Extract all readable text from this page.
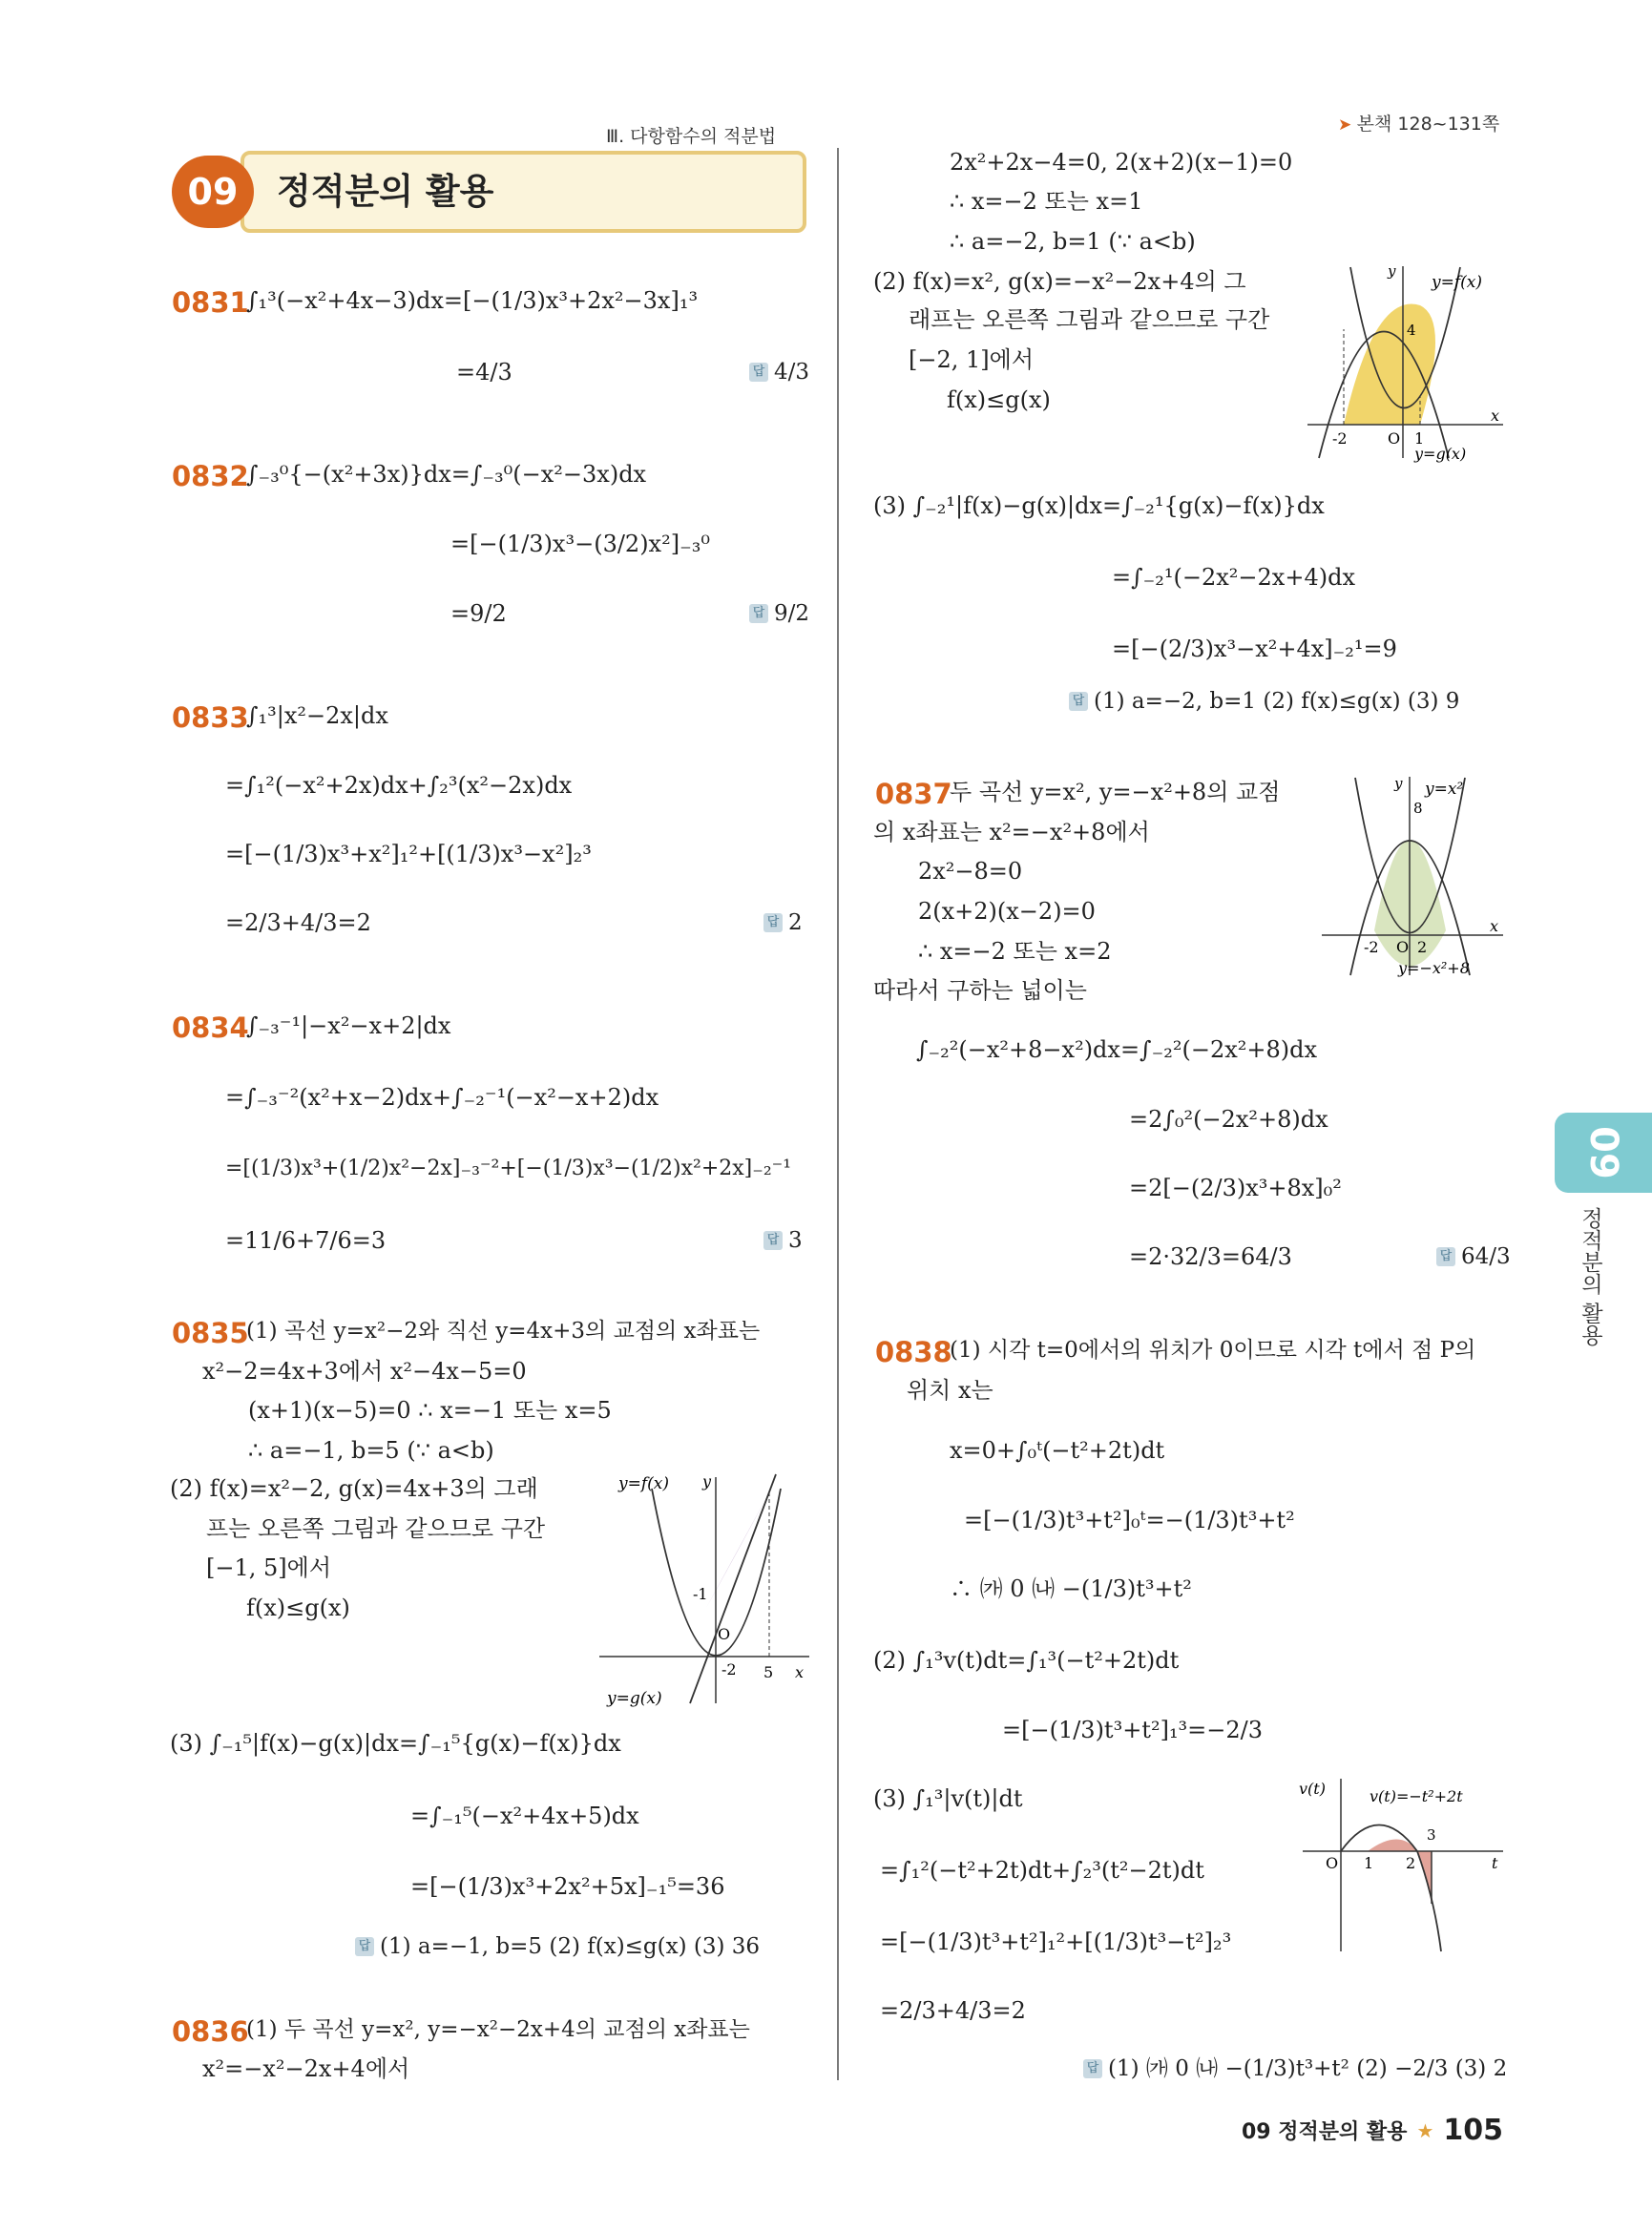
Ⅲ. 다항함수의 적분법
➤ 본책 128~131쪽
09	정적분의 활용
0831
∫₁³(−x²+4x−3)dx=[−(1/3)x³+2x²−3x]₁³
=4/3	답 4/3
0832
∫₋₃⁰{−(x²+3x)}dx=∫₋₃⁰(−x²−3x)dx
=[−(1/3)x³−(3/2)x²]₋₃⁰
=9/2	답 9/2
0833
∫₁³|x²−2x|dx
=∫₁²(−x²+2x)dx+∫₂³(x²−2x)dx
=[−(1/3)x³+x²]₁²+[(1/3)x³−x²]₂³
=2/3+4/3=2	답 2
0834
∫₋₃⁻¹|−x²−x+2|dx
=∫₋₃⁻²(x²+x−2)dx+∫₋₂⁻¹(−x²−x+2)dx
=[(1/3)x³+(1/2)x²−2x]₋₃⁻²+[−(1/3)x³−(1/2)x²+2x]₋₂⁻¹
=11/6+7/6=3	답 3
0835
(1) 곡선 y=x²−2와 직선 y=4x+3의 교점의 x좌표는
x²−2=4x+3에서 x²−4x−5=0
(x+1)(x−5)=0 ∴ x=−1 또는 x=5
∴ a=−1, b=5 (∵ a<b)
(2) f(x)=x²−2, g(x)=4x+3의 그래
프는 오른쪽 그림과 같으므로 구간
[−1, 5]에서
f(x)≤g(x)
(3) ∫₋₁⁵|f(x)−g(x)|dx=∫₋₁⁵{g(x)−f(x)}dx
=∫₋₁⁵(−x²+4x+5)dx
=[−(1/3)x³+2x²+5x]₋₁⁵=36
답 (1) a=−1, b=5 (2) f(x)≤g(x) (3) 36
y=f(x) y
-1
O
5 x
-2
y=g(x)
0836
(1) 두 곡선 y=x², y=−x²−2x+4의 교점의 x좌표는
x²=−x²−2x+4에서
2x²+2x−4=0, 2(x+2)(x−1)=0
∴ x=−2 또는 x=1
∴ a=−2, b=1 (∵ a<b)
(2) f(x)=x², g(x)=−x²−2x+4의 그
래프는 오른쪽 그림과 같으므로 구간
[−2, 1]에서
f(x)≤g(x)
(3) ∫₋₂¹|f(x)−g(x)|dx=∫₋₂¹{g(x)−f(x)}dx
=∫₋₂¹(−2x²−2x+4)dx
=[−(2/3)x³−x²+4x]₋₂¹=9
답 (1) a=−2, b=1 (2) f(x)≤g(x) (3) 9
y
y=f(x)
4
-2	O 1
x
y=g(x)
0837
두 곡선 y=x², y=−x²+8의 교점
의 x좌표는 x²=−x²+8에서
2x²−8=0
2(x+2)(x−2)=0
∴ x=−2 또는 x=2
따라서 구하는 넓이는
∫₋₂²(−x²+8−x²)dx=∫₋₂²(−2x²+8)dx
=2∫₀²(−2x²+8)dx
=2[−(2/3)x³+8x]₀²
=2·32/3=64/3	답 64/3
y y=x²
8
-2 O 2
x
y=−x²+8
0838
(1) 시각 t=0에서의 위치가 0이므로 시각 t에서 점 P의
위치 x는
x=0+∫₀ᵗ(−t²+2t)dt
=[−(1/3)t³+t²]₀ᵗ=−(1/3)t³+t²
∴ ㈎ 0 ㈏ −(1/3)t³+t²
(2) ∫₁³v(t)dt=∫₁³(−t²+2t)dt
=[−(1/3)t³+t²]₁³=−2/3
(3) ∫₁³|v(t)|dt
=∫₁²(−t²+2t)dt+∫₂³(t²−2t)dt
=[−(1/3)t³+t²]₁²+[(1/3)t³−t²]₂³
=2/3+4/3=2
답 (1) ㈎ 0 ㈏ −(1/3)t³+t² (2) −2/3 (3) 2
v(t)	v(t)=−t²+2t
3
O 1 2	t
09
정적분의 활용
09 정적분의 활용 ★ 105
